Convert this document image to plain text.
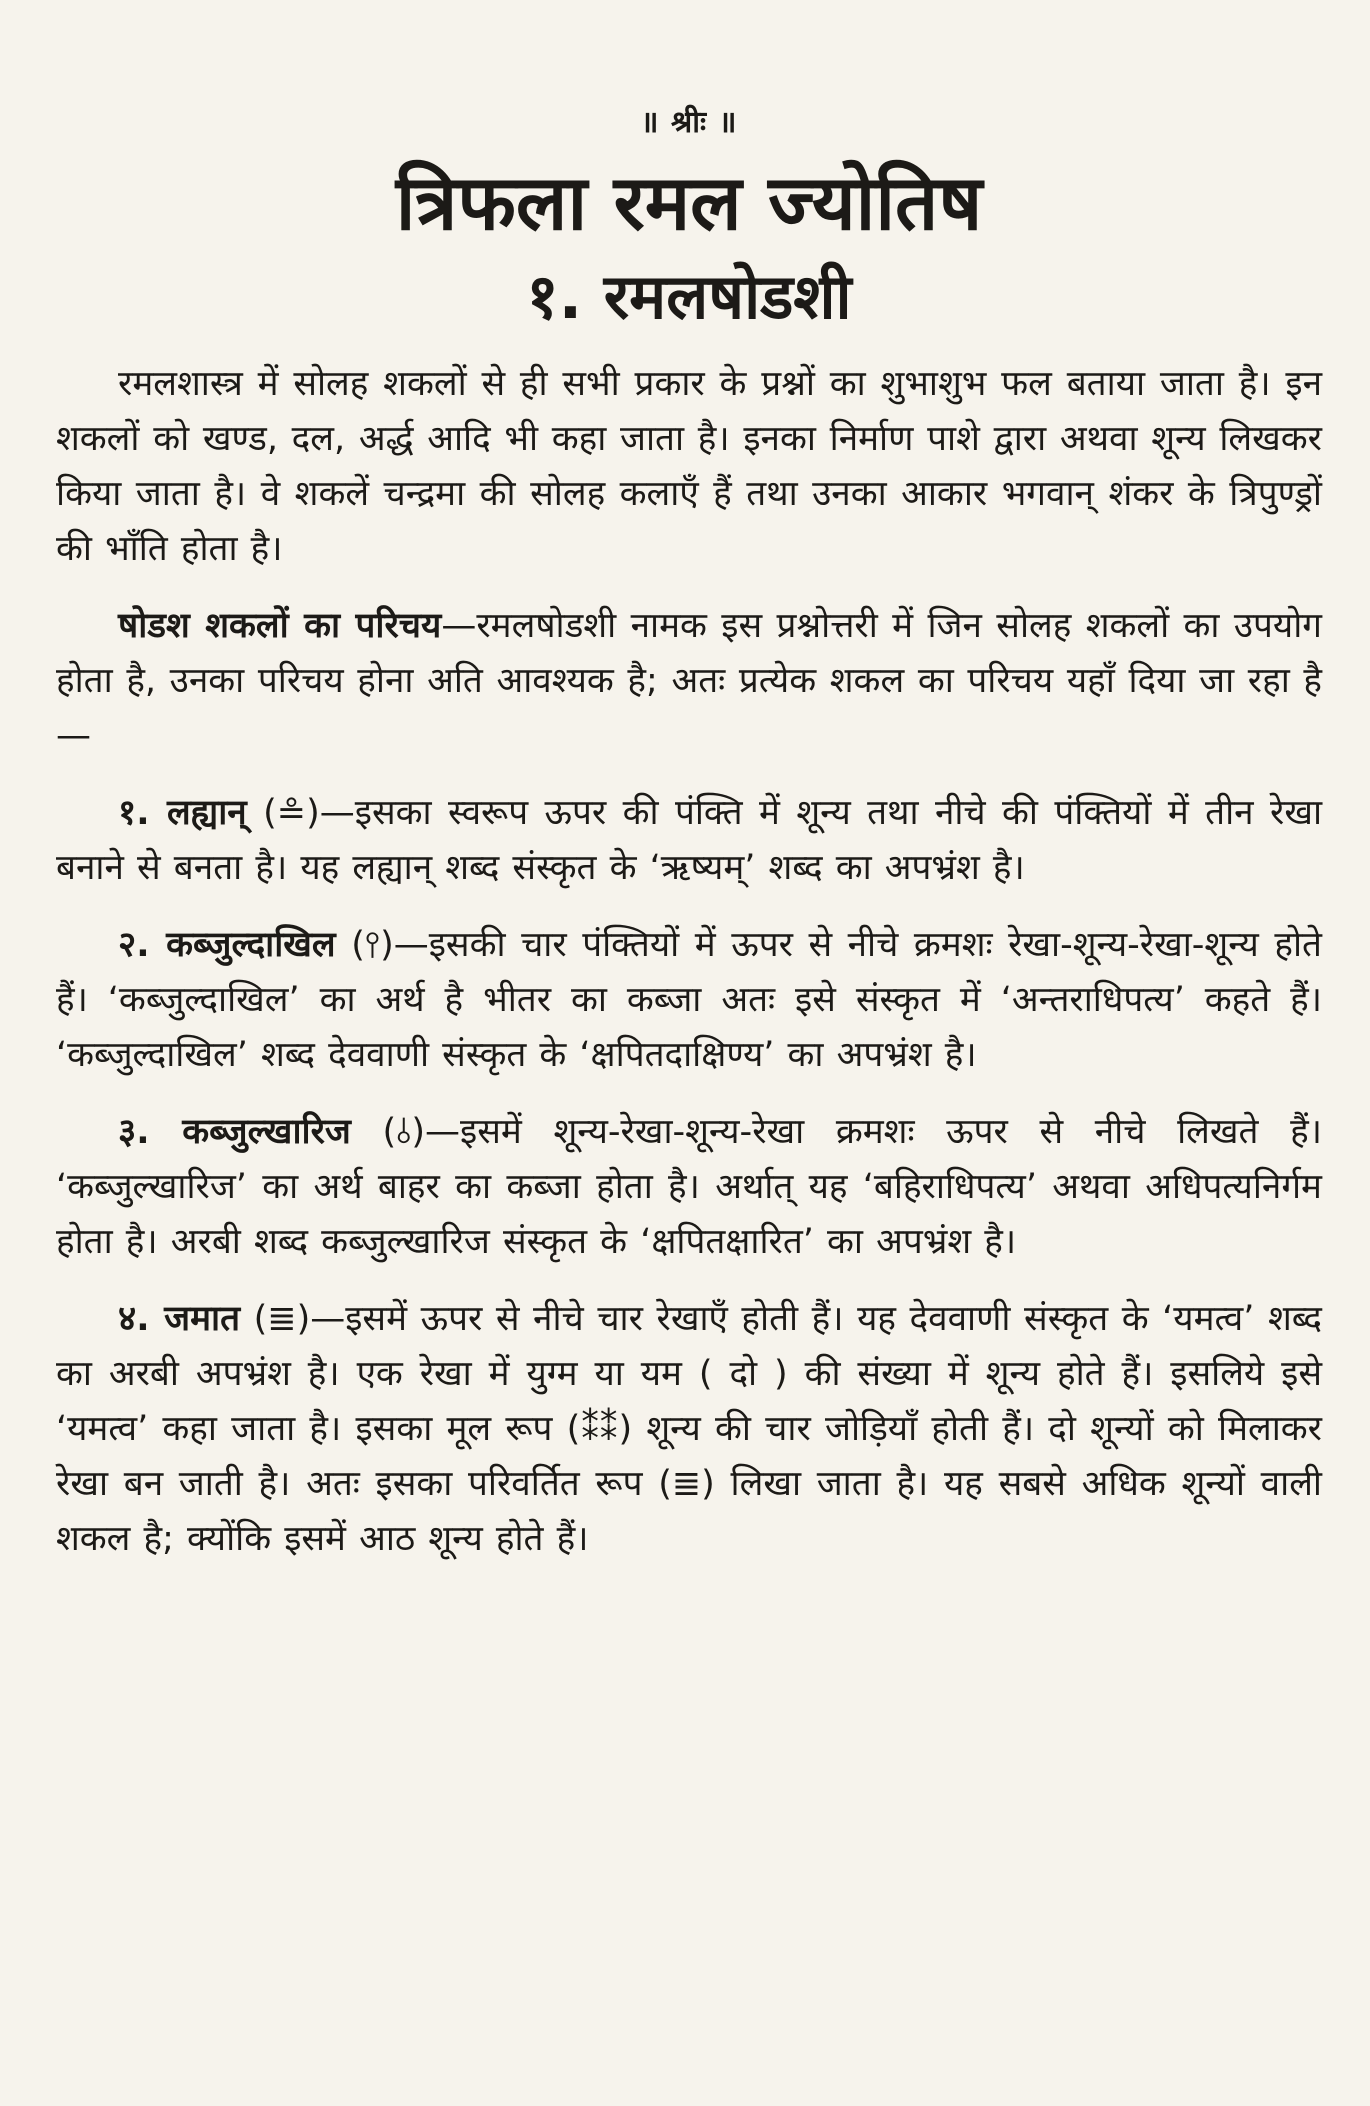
॥ श्रीः ॥
त्रिफला रमल ज्योतिष
१. रमलषोडशी

रमलशास्त्र में सोलह शकलों से ही सभी प्रकार के प्रश्नों का शुभाशुभ फल बताया जाता है। इन शकलों को खण्ड, दल, अर्द्ध आदि भी कहा जाता है। इनका निर्माण पाशे द्वारा अथवा शून्य लिखकर किया जाता है। वे शकलें चन्द्रमा की सोलह कलाएँ हैं तथा उनका आकार भगवान् शंकर के त्रिपुण्ड्रों की भाँति होता है।

षोडश शकलों का परिचय—रमलषोडशी नामक इस प्रश्नोत्तरी में जिन सोलह शकलों का उपयोग होता है, उनका परिचय होना अति आवश्यक है; अतः प्रत्येक शकल का परिचय यहाँ दिया जा रहा है—

१. लह्यान् (≗)—इसका स्वरूप ऊपर की पंक्ति में शून्य तथा नीचे की पंक्तियों में तीन रेखा बनाने से बनता है। यह लह्यान् शब्द संस्कृत के ‘ऋष्यम्’ शब्द का अपभ्रंश है।

२. कब्जुल्दाखिल (⫯)—इसकी चार पंक्तियों में ऊपर से नीचे क्रमशः रेखा-शून्य-रेखा-शून्य होते हैं। ‘कब्जुल्दाखिल’ का अर्थ है भीतर का कब्जा अतः इसे संस्कृत में ‘अन्तराधिपत्य’ कहते हैं। ‘कब्जुल्दाखिल’ शब्द देववाणी संस्कृत के ‘क्षपितदाक्षिण्य’ का अपभ्रंश है।

३. कब्जुल्खारिज (⫰)—इसमें शून्य-रेखा-शून्य-रेखा क्रमशः ऊपर से नीचे लिखते हैं। ‘कब्जुल्खारिज’ का अर्थ बाहर का कब्जा होता है। अर्थात् यह ‘बहिराधिपत्य’ अथवा अधिपत्यनिर्गम होता है। अरबी शब्द कब्जुल्खारिज संस्कृत के ‘क्षपितक्षारित’ का अपभ्रंश है।

४. जमात (≣)—इसमें ऊपर से नीचे चार रेखाएँ होती हैं। यह देववाणी संस्कृत के ‘यमत्व’ शब्द का अरबी अपभ्रंश है। एक रेखा में युग्म या यम ( दो ) की संख्या में शून्य होते हैं। इसलिये इसे ‘यमत्व’ कहा जाता है। इसका मूल रूप (⁑⁑) शून्य की चार जोड़ियाँ होती हैं। दो शून्यों को मिलाकर रेखा बन जाती है। अतः इसका परिवर्तित रूप (≣) लिखा जाता है। यह सबसे अधिक शून्यों वाली शकल है; क्योंकि इसमें आठ शून्य होते हैं।
